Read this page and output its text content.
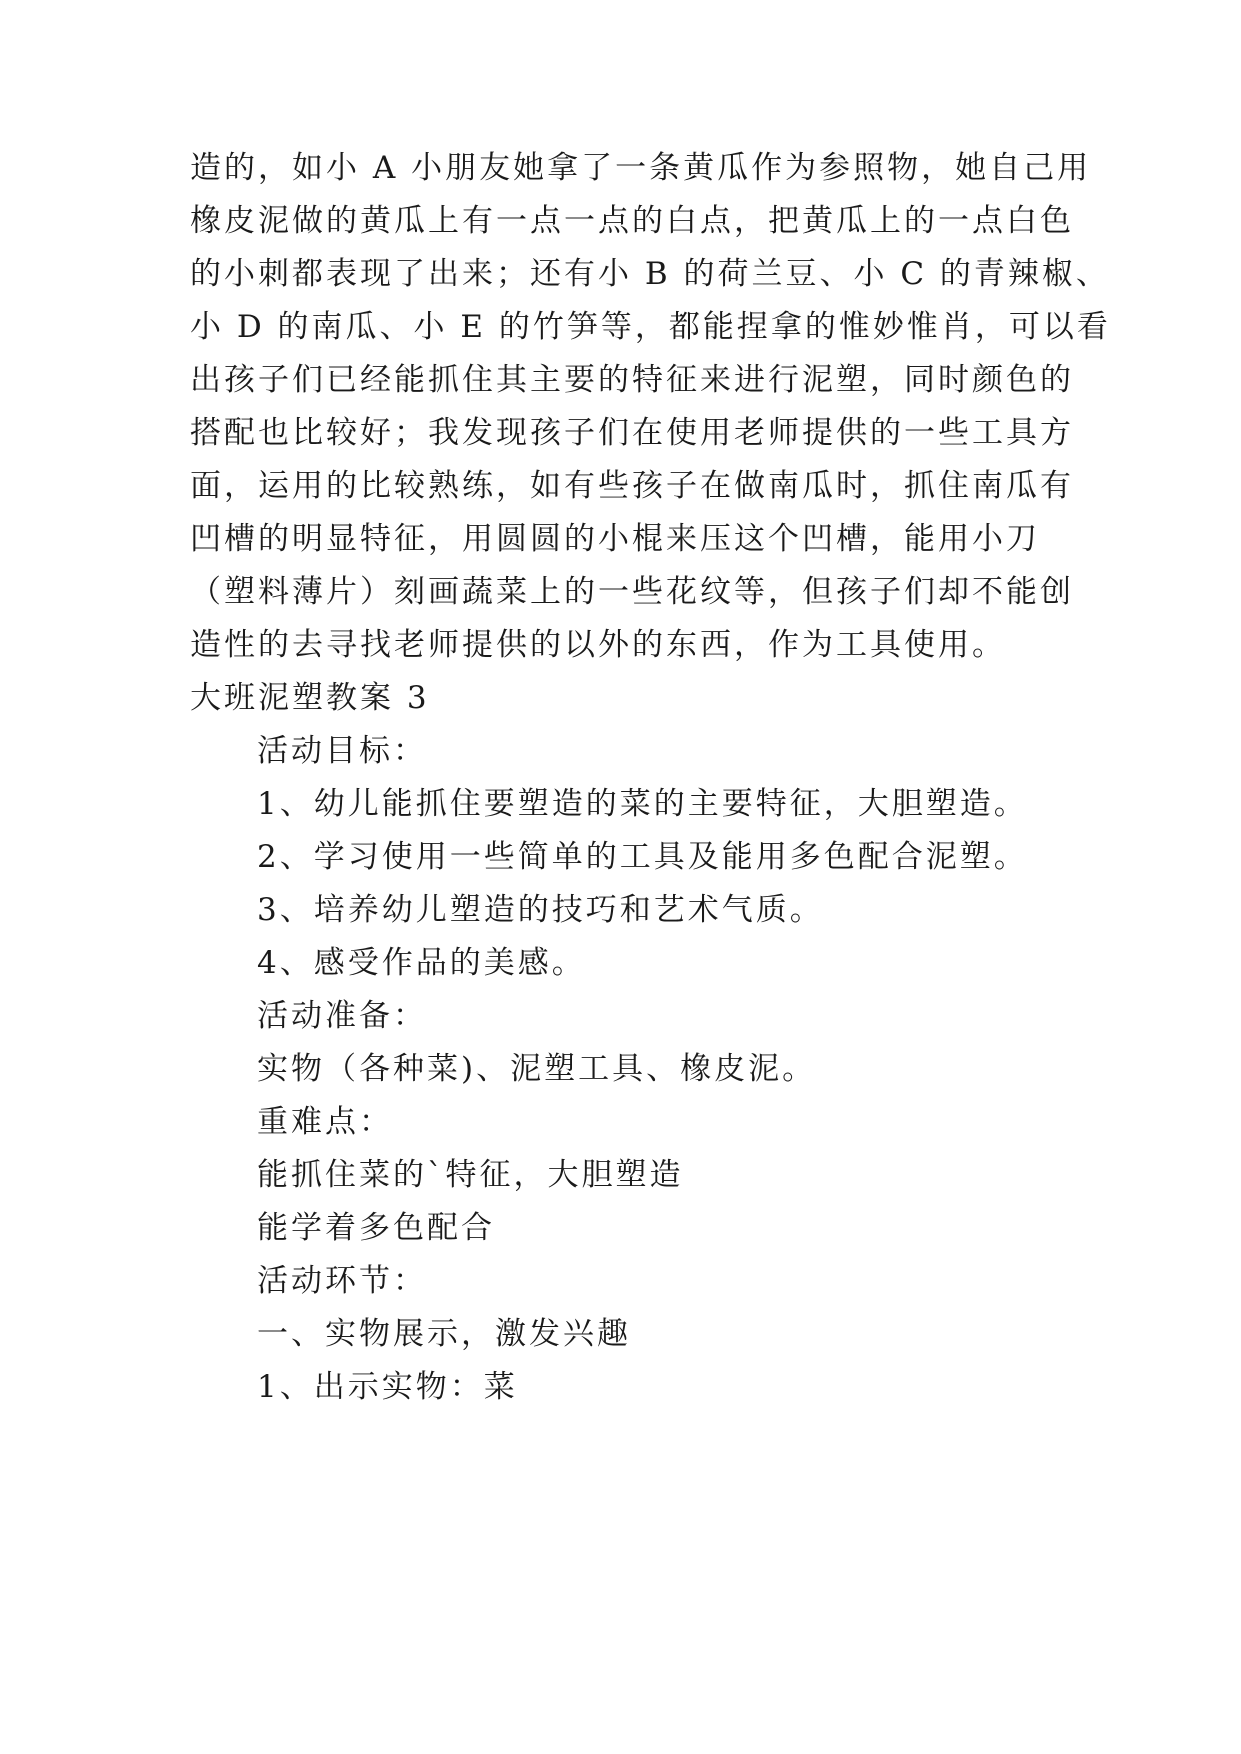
造的，如小 A 小朋友她拿了一条黄瓜作为参照物，她自己用
橡皮泥做的黄瓜上有一点一点的白点，把黄瓜上的一点白色
的小刺都表现了出来；还有小 B 的荷兰豆、小 C 的青辣椒、
小 D 的南瓜、小 E 的竹笋等，都能捏拿的惟妙惟肖，可以看
出孩子们已经能抓住其主要的特征来进行泥塑，同时颜色的
搭配也比较好；我发现孩子们在使用老师提供的一些工具方
面，运用的比较熟练，如有些孩子在做南瓜时，抓住南瓜有
凹槽的明显特征，用圆圆的小棍来压这个凹槽，能用小刀
（塑料薄片）刻画蔬菜上的一些花纹等，但孩子们却不能创
造性的去寻找老师提供的以外的东西，作为工具使用。
大班泥塑教案 3
活动目标：
1、幼儿能抓住要塑造的菜的主要特征，大胆塑造。
2、学习使用一些简单的工具及能用多色配合泥塑。
3、培养幼儿塑造的技巧和艺术气质。
4、感受作品的美感。
活动准备：
实物（各种菜)、泥塑工具、橡皮泥。
重难点：
能抓住菜的`特征，大胆塑造
能学着多色配合
活动环节：
一、实物展示，激发兴趣
1、出示实物：菜
